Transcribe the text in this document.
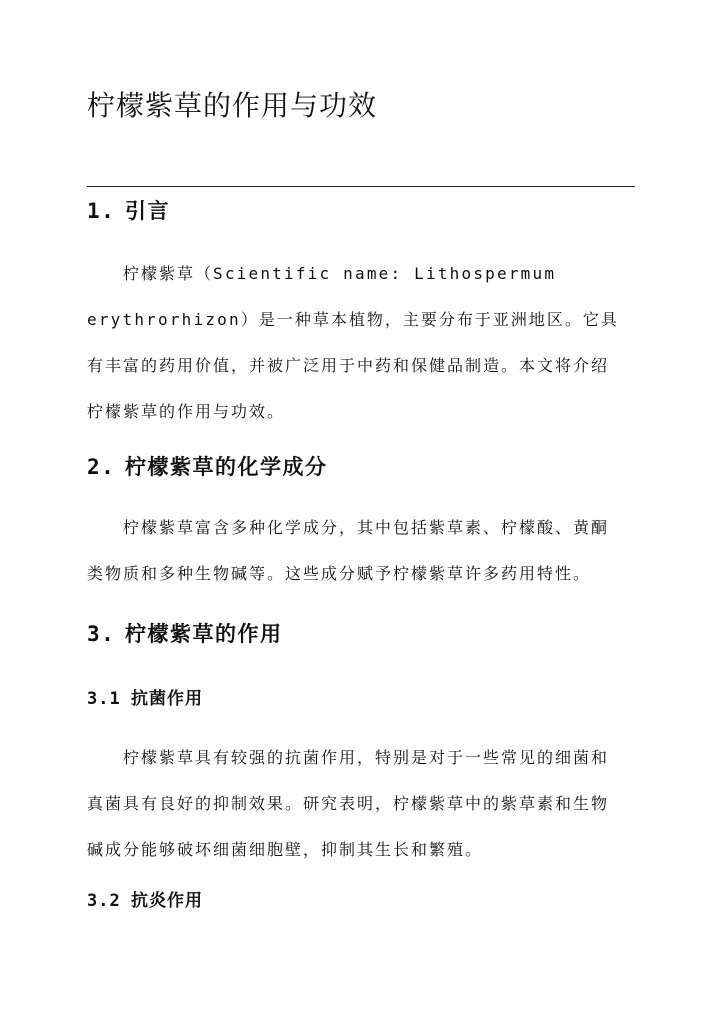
柠檬紫草的作用与功效
1. 引言
柠檬紫草（Scientific name: Lithospermum
erythrorhizon）是一种草本植物，主要分布于亚洲地区。它具
有丰富的药用价值，并被广泛用于中药和保健品制造。本文将介绍
柠檬紫草的作用与功效。
2. 柠檬紫草的化学成分
柠檬紫草富含多种化学成分，其中包括紫草素、柠檬酸、黄酮
类物质和多种生物碱等。这些成分赋予柠檬紫草许多药用特性。
3. 柠檬紫草的作用
3.1 抗菌作用
柠檬紫草具有较强的抗菌作用，特别是对于一些常见的细菌和
真菌具有良好的抑制效果。研究表明，柠檬紫草中的紫草素和生物
碱成分能够破坏细菌细胞壁，抑制其生长和繁殖。
3.2 抗炎作用
